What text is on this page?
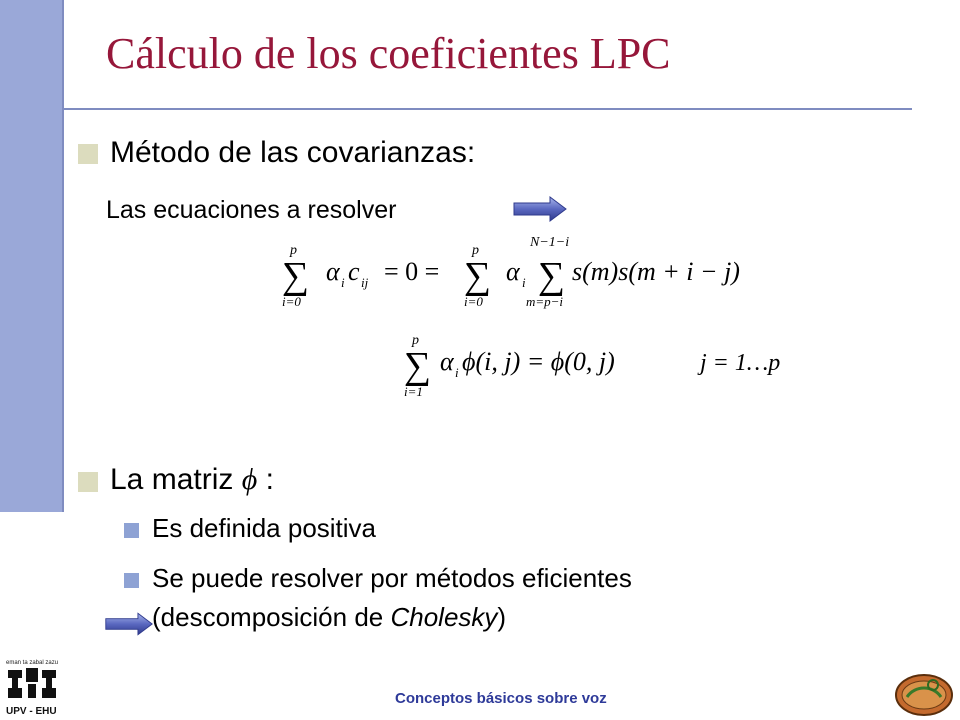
Cálculo de los coeficientes LPC
Método de las covarianzas:
Las ecuaciones a resolver
p
∑
i=0
α i c ij = 0 =
p
∑
i=0
α i
N−1−i
∑
m=p−i
s(m)s(m + i − j)
p
∑
i=1
α i ϕ(i, j) = ϕ(0, j)	j = 1…p
La matriz ϕ :
Es definida positiva
Se puede resolver por métodos eficientes
(descomposición de Cholesky)
eman ta zabal zazu
UPV - EHU
Conceptos básicos sobre voz
